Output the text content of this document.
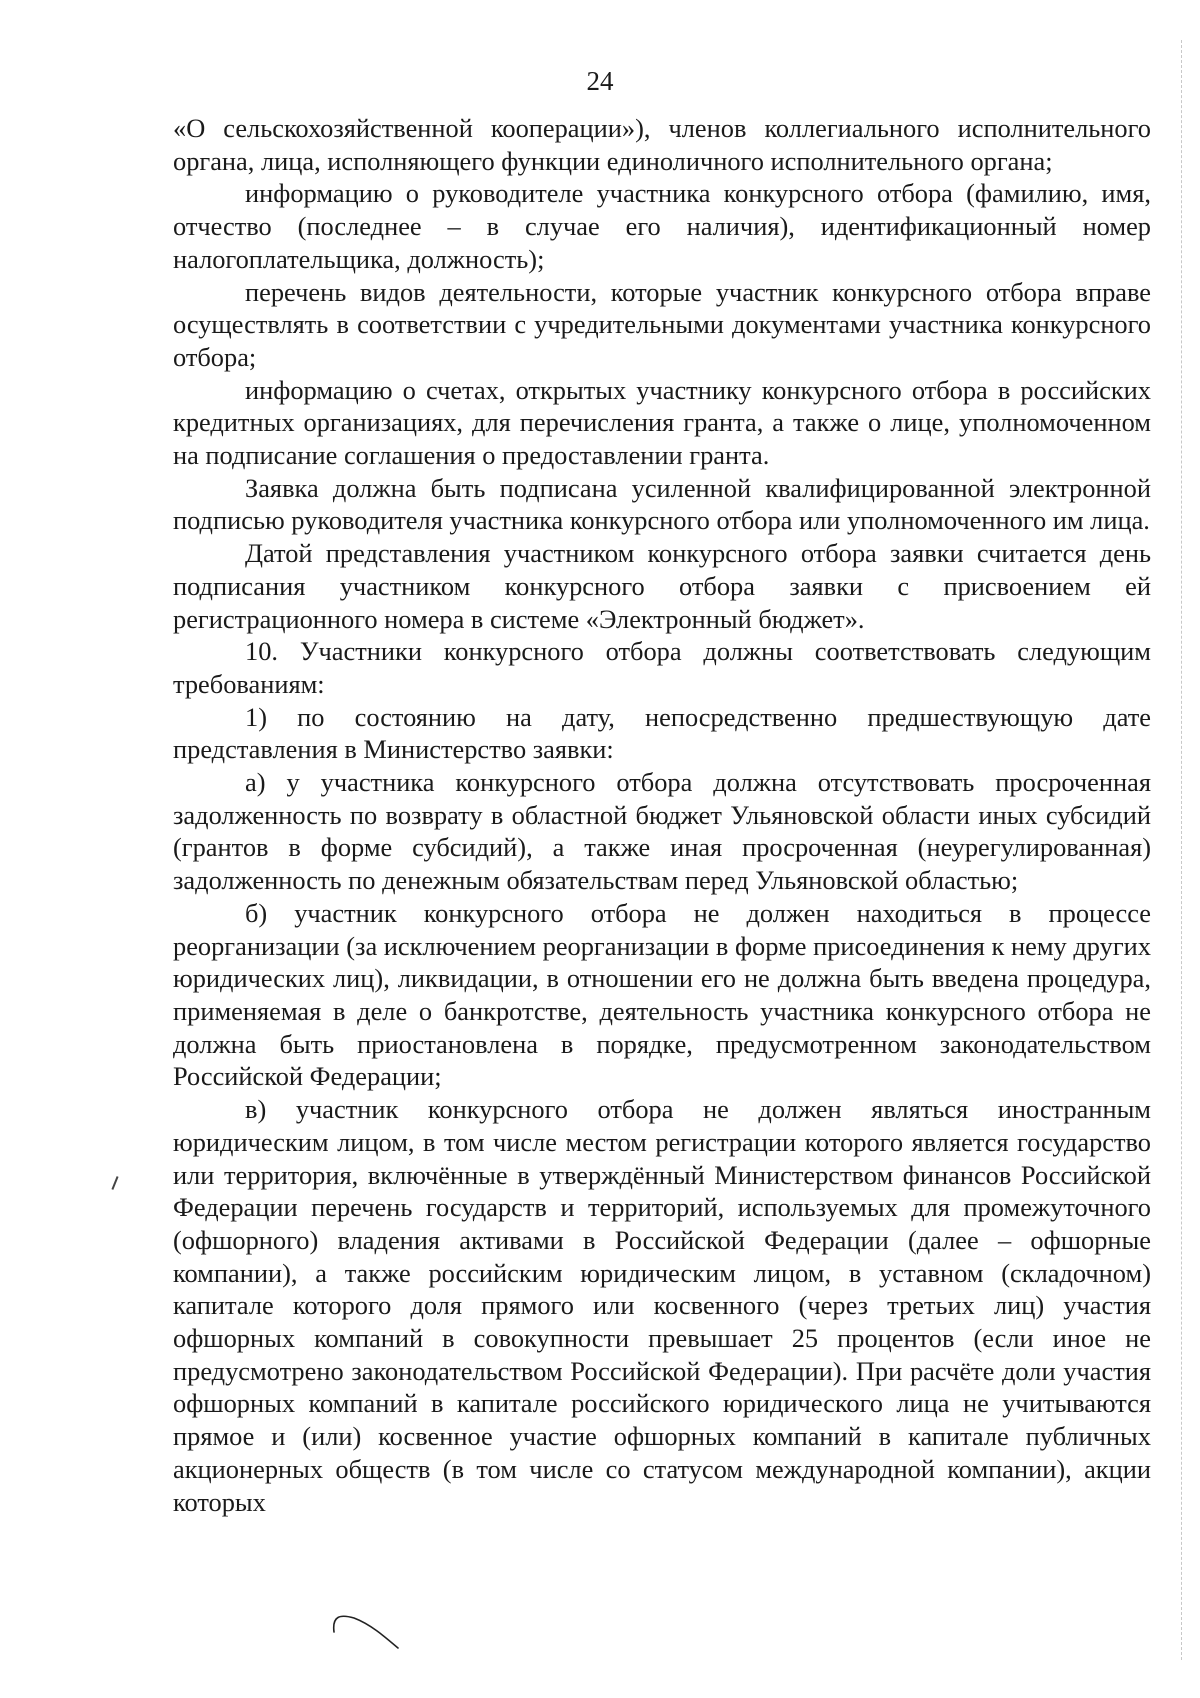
24

«О сельскохозяйственной кооперации»), членов коллегиального исполнительного органа, лица, исполняющего функции единоличного исполнительного органа;

информацию о руководителе участника конкурсного отбора (фамилию, имя, отчество (последнее – в случае его наличия), идентификационный номер налогоплательщика, должность);

перечень видов деятельности, которые участник конкурсного отбора вправе осуществлять в соответствии с учредительными документами участника конкурсного отбора;

информацию о счетах, открытых участнику конкурсного отбора в российских кредитных организациях, для перечисления гранта, а также о лице, уполномоченном на подписание соглашения о предоставлении гранта.

Заявка должна быть подписана усиленной квалифицированной электронной подписью руководителя участника конкурсного отбора или уполномоченного им лица.

Датой представления участником конкурсного отбора заявки считается день подписания участником конкурсного отбора заявки с присвоением ей регистрационного номера в системе «Электронный бюджет».

10. Участники конкурсного отбора должны соответствовать следующим требованиям:

1) по состоянию на дату, непосредственно предшествующую дате представления в Министерство заявки:

а) у участника конкурсного отбора должна отсутствовать просроченная задолженность по возврату в областной бюджет Ульяновской области иных субсидий (грантов в форме субсидий), а также иная просроченная (неурегулированная) задолженность по денежным обязательствам перед Ульяновской областью;

б) участник конкурсного отбора не должен находиться в процессе реорганизации (за исключением реорганизации в форме присоединения к нему других юридических лиц), ликвидации, в отношении его не должна быть введена процедура, применяемая в деле о банкротстве, деятельность участника конкурсного отбора не должна быть приостановлена в порядке, предусмотренном законодательством Российской Федерации;

в) участник конкурсного отбора не должен являться иностранным юридическим лицом, в том числе местом регистрации которого является государство или территория, включённые в утверждённый Министерством финансов Российской Федерации перечень государств и территорий, используемых для промежуточного (офшорного) владения активами в Российской Федерации (далее – офшорные компании), а также российским юридическим лицом, в уставном (складочном) капитале которого доля прямого или косвенного (через третьих лиц) участия офшорных компаний в совокупности превышает 25 процентов (если иное не предусмотрено законодательством Российской Федерации). При расчёте доли участия офшорных компаний в капитале российского юридического лица не учитываются прямое и (или) косвенное участие офшорных компаний в капитале публичных акционерных обществ (в том числе со статусом международной компании), акции которых
